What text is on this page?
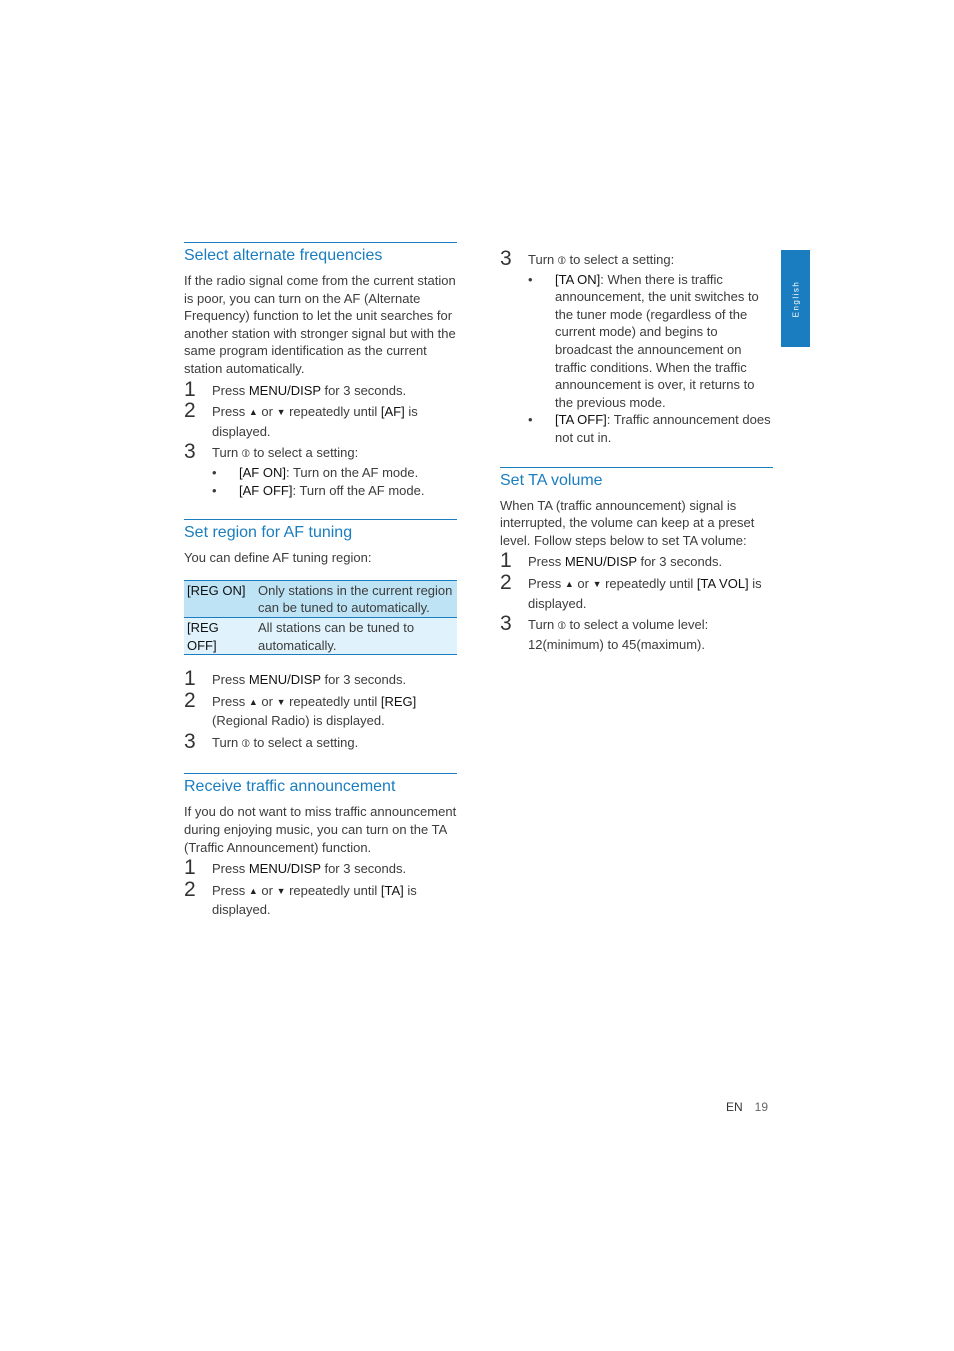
English
Select alternate frequencies

If the radio signal come from the current station is poor, you can turn on the AF (Alternate Frequency) function to let the unit searches for another station with stronger signal but with the same program identification as the current station automatically.

1 Press MENU/DISP for 3 seconds.
2 Press ▲ or ▼ repeatedly until [AF] is displayed.
3 Turn ⦶ to select a setting:
• [AF ON]: Turn on the AF mode.
• [AF OFF]: Turn off the AF mode.
Set region for AF tuning

You can define AF tuning region:

[REG ON]	Only stations in the current region can be tuned to automatically.
[REG OFF]	All stations can be tuned to automatically.
1 Press MENU/DISP for 3 seconds.
2 Press ▲ or ▼ repeatedly until [REG] (Regional Radio) is displayed.
3 Turn ⦶ to select a setting.
Receive traffic announcement

If you do not want to miss traffic announcement during enjoying music, you can turn on the TA (Traffic Announcement) function.

1 Press MENU/DISP for 3 seconds.
2 Press ▲ or ▼ repeatedly until [TA] is displayed.
3 Turn ⦶ to select a setting:
• [TA ON]: When there is traffic announcement, the unit switches to the tuner mode (regardless of the current mode) and begins to broadcast the announcement on traffic conditions. When the traffic announcement is over, it returns to the previous mode.
• [TA OFF]: Traffic announcement does not cut in.
Set TA volume

When TA (traffic announcement) signal is interrupted, the volume can keep at a preset level. Follow steps below to set TA volume:

1 Press MENU/DISP for 3 seconds.
2 Press ▲ or ▼ repeatedly until [TA VOL] is displayed.
3 Turn ⦶ to select a volume level: 12(minimum) to 45(maximum).
EN 19
